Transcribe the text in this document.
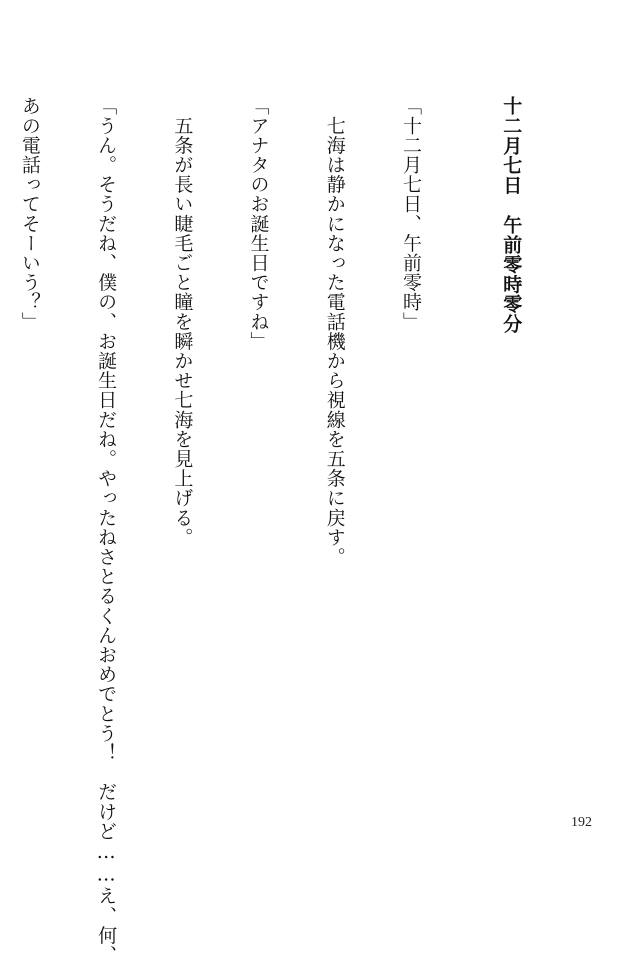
十二月七日　午前零時零分

「十二月七日、午前零時」

　七海は静かになった電話機から視線を五条に戻す。

「アナタのお誕生日ですね」

　五条が長い睫毛ごと瞳を瞬かせ七海を見上げる。

「うん。そうだね、僕の、お誕生日だね。やったねさとるくんおめでとう！　だけど……え、何、

あの電話ってそーいう？」

192
